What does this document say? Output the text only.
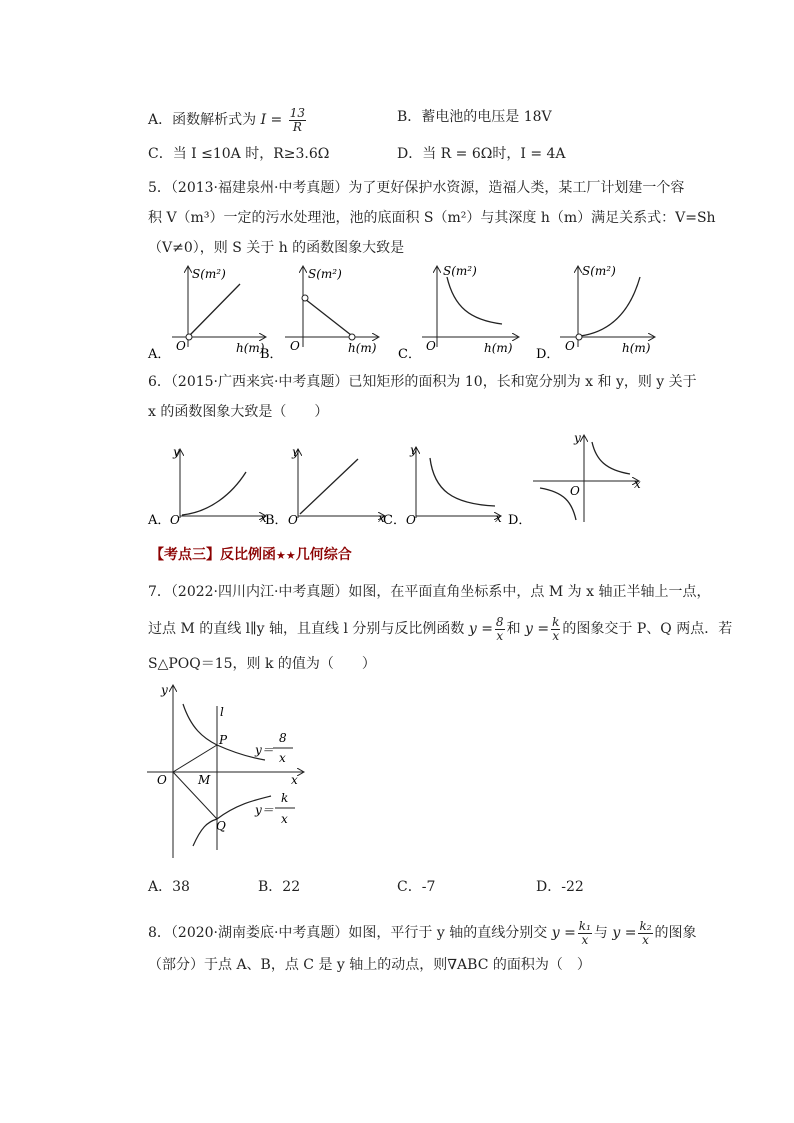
A．函数解析式为 $I = \frac{13}{R}$	B．蓄电池的电压是 18V
C．当 I ≤10A 时，R≥3.6Ω	D．当 R = 6Ω时，I = 4A
5．（2013·福建泉州·中考真题）为了更好保护水资源，造福人类，某工厂计划建一个容
积 V（m³）一定的污水处理池，池的底面积 S（m²）与其深度 h（m）满足关系式：V=Sh
（V≠0），则 S 关于 h 的函数图象大致是
S(m²)
h(m)
O
A．
S(m²)
h(m)
O
B．
S(m²)
h(m)
O
C．
S(m²)
h(m)
O
D．
6．（2015·广西来宾·中考真题）已知矩形的面积为 10，长和宽分别为 x 和 y，则 y 关于
x 的函数图象大致是（　　）
y
x
O
A．
y
x
O
B．
y
x
O
C．
y
x
O
D．
【考点三】反比例函★★几何综合
7．（2022·四川内江·中考真题）如图，在平面直角坐标系中，点 M 为 x 轴正半轴上一点，
过点 M 的直线 l∥y 轴，且直线 l 分别与反比例函数 $y = \frac{8}{x}$ 和 $y = \frac{k}{x}$ 的图象交于 P、Q 两点．若
S△POQ＝15，则 k 的值为（　　）
y
x
l
P
M
O
Q
y＝
8
x
y＝
k
x
A．38	B．22	C．-7	D．-22
8．（2020·湖南娄底·中考真题）如图，平行于 y 轴的直线分别交 $y = \frac{\text{k₁}}{x}$ 与 $y = \frac{\text{k₂}}{x}$ 的图象
（部分）于点 A、B，点 C 是 y 轴上的动点，则∇ABC 的面积为（　）
